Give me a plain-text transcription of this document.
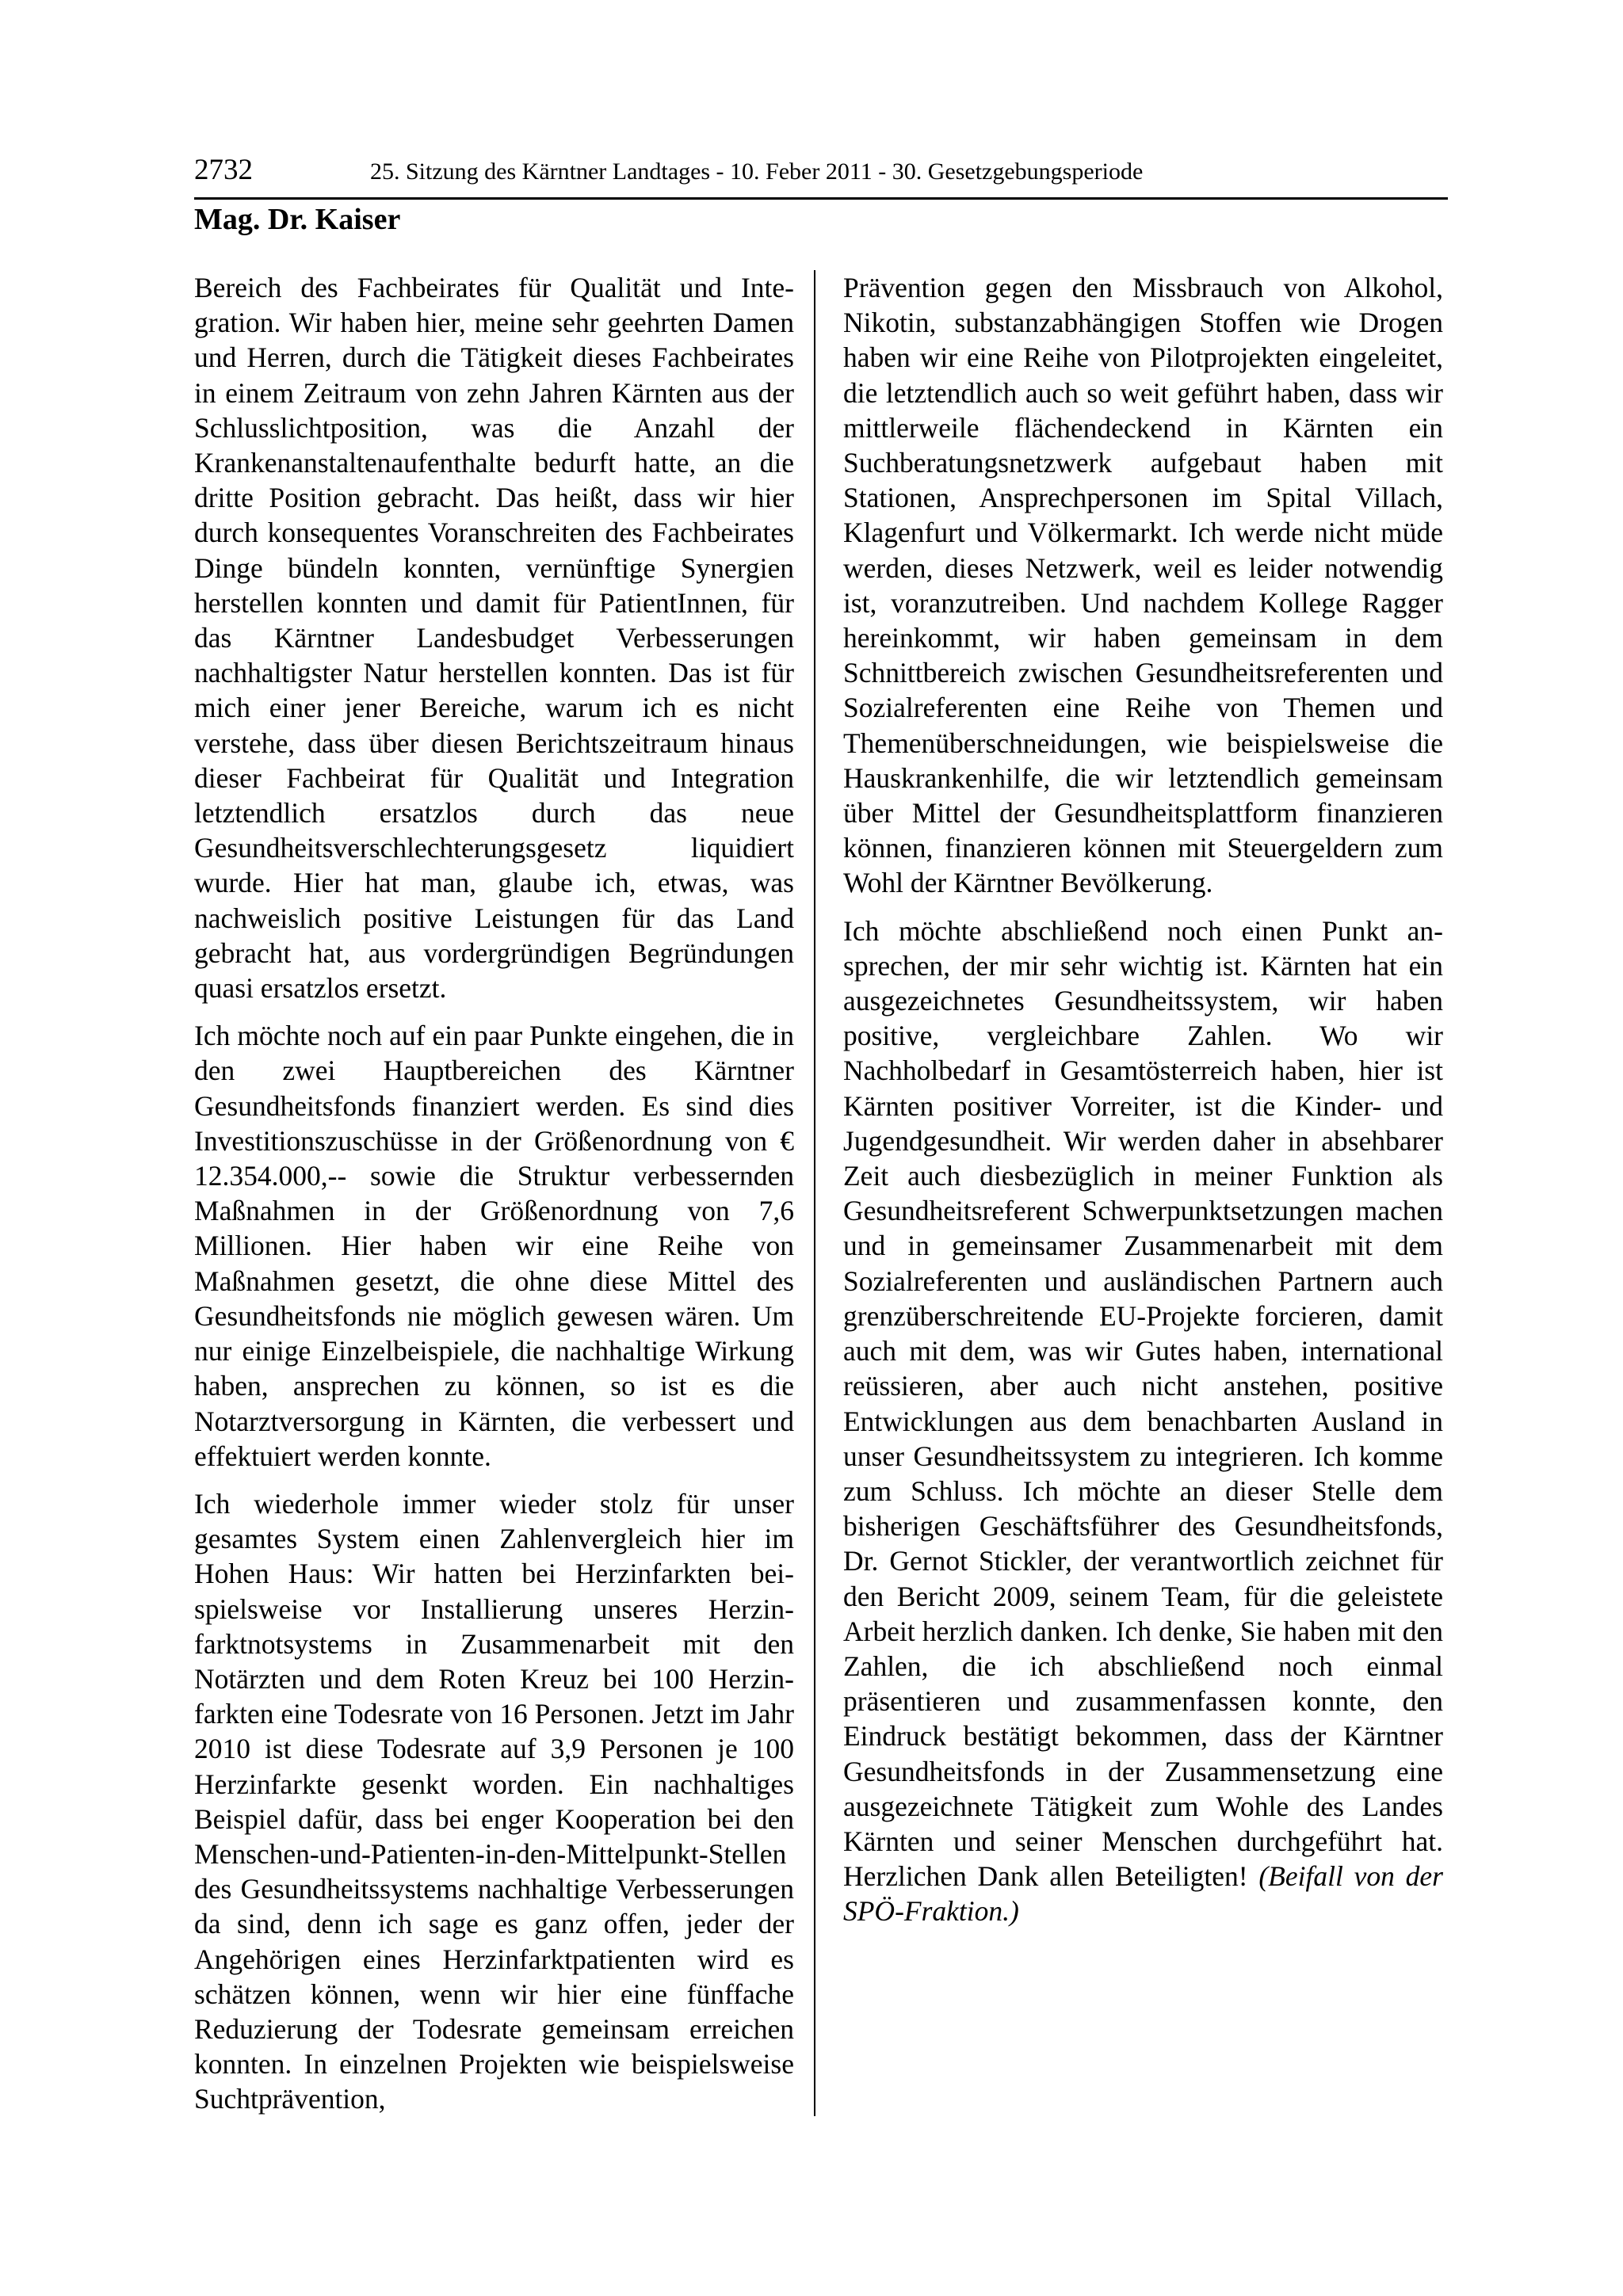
2732	25. Sitzung des Kärntner Landtages - 10. Feber 2011 - 30. Gesetzgebungsperiode
Mag. Dr. Kaiser

Bereich des Fachbeirates für Qualität und Integration. Wir haben hier, meine sehr geehrten Damen und Herren, durch die Tätigkeit dieses Fachbeirates in einem Zeitraum von zehn Jahren Kärnten aus der Schlusslichtposition, was die Anzahl der Krankenanstaltenaufenthalte bedurft hatte, an die dritte Position gebracht. Das heißt, dass wir hier durch konsequentes Voranschreiten des Fachbeirates Dinge bündeln konnten, vernünftige Synergien herstellen konnten und damit für PatientInnen, für das Kärntner Landesbudget Verbesserungen nachhaltigster Natur herstellen konnten. Das ist für mich einer jener Bereiche, warum ich es nicht verstehe, dass über diesen Berichtszeitraum hinaus dieser Fachbeirat für Qualität und Integration letztendlich ersatzlos durch das neue Gesundheitsverschlechterungsgesetz liquidiert wurde. Hier hat man, glaube ich, etwas, was nachweislich positive Leistungen für das Land gebracht hat, aus vordergründigen Begründungen quasi ersatzlos ersetzt.

Ich möchte noch auf ein paar Punkte eingehen, die in den zwei Hauptbereichen des Kärntner Gesundheitsfonds finanziert werden. Es sind dies Investitionszuschüsse in der Größenordnung von € 12.354.000,-- sowie die Struktur verbessernden Maßnahmen in der Größenordnung von 7,6 Millionen. Hier haben wir eine Reihe von Maßnahmen gesetzt, die ohne diese Mittel des Gesundheitsfonds nie möglich gewesen wären. Um nur einige Einzelbeispiele, die nachhaltige Wirkung haben, ansprechen zu können, so ist es die Notarztversorgung in Kärnten, die verbessert und effektuiert werden konnte.

Ich wiederhole immer wieder stolz für unser gesamtes System einen Zahlenvergleich hier im Hohen Haus: Wir hatten bei Herzinfarkten beispielsweise vor Installierung unseres Herzinfarktnotsystems in Zusammenarbeit mit den Notärzten und dem Roten Kreuz bei 100 Herzinfarkten eine Todesrate von 16 Personen. Jetzt im Jahr 2010 ist diese Todesrate auf 3,9 Personen je 100 Herzinfarkte gesenkt worden. Ein nachhaltiges Beispiel dafür, dass bei enger Kooperation bei den Menschen-und-Patienten-in-den-Mittelpunkt-Stellen des Gesundheitssystems nachhaltige Verbesserungen da sind, denn ich sage es ganz offen, jeder der Angehörigen eines Herzinfarktpatienten wird es schätzen können, wenn wir hier eine fünffache Reduzierung der Todesrate gemeinsam erreichen konnten. In einzelnen Projekten wie beispielsweise Suchtprävention,

Prävention gegen den Missbrauch von Alkohol, Nikotin, substanzabhängigen Stoffen wie Drogen haben wir eine Reihe von Pilotprojekten eingeleitet, die letztendlich auch so weit geführt haben, dass wir mittlerweile flächendeckend in Kärnten ein Suchberatungsnetzwerk aufgebaut haben mit Stationen, Ansprechpersonen im Spital Villach, Klagenfurt und Völkermarkt. Ich werde nicht müde werden, dieses Netzwerk, weil es leider notwendig ist, voranzutreiben. Und nachdem Kollege Ragger hereinkommt, wir haben gemeinsam in dem Schnittbereich zwischen Gesundheitsreferenten und Sozialreferenten eine Reihe von Themen und Themenüberschneidungen, wie beispielsweise die Hauskrankenhilfe, die wir letztendlich gemeinsam über Mittel der Gesundheitsplattform finanzieren können, finanzieren können mit Steuergeldern zum Wohl der Kärntner Bevölkerung.

Ich möchte abschließend noch einen Punkt ansprechen, der mir sehr wichtig ist. Kärnten hat ein ausgezeichnetes Gesundheitssystem, wir haben positive, vergleichbare Zahlen. Wo wir Nachholbedarf in Gesamtösterreich haben, hier ist Kärnten positiver Vorreiter, ist die Kinder- und Jugendgesundheit. Wir werden daher in absehbarer Zeit auch diesbezüglich in meiner Funktion als Gesundheitsreferent Schwerpunktsetzungen machen und in gemeinsamer Zusammenarbeit mit dem Sozialreferenten und ausländischen Partnern auch grenzüberschreitende EU-Projekte forcieren, damit auch mit dem, was wir Gutes haben, international reüssieren, aber auch nicht anstehen, positive Entwicklungen aus dem benachbarten Ausland in unser Gesundheitssystem zu integrieren. Ich komme zum Schluss. Ich möchte an dieser Stelle dem bisherigen Geschäftsführer des Gesundheitsfonds, Dr. Gernot Stickler, der verantwortlich zeichnet für den Bericht 2009, seinem Team, für die geleistete Arbeit herzlich danken. Ich denke, Sie haben mit den Zahlen, die ich abschließend noch einmal präsentieren und zusammenfassen konnte, den Eindruck bestätigt bekommen, dass der Kärntner Gesundheitsfonds in der Zusammensetzung eine ausgezeichnete Tätigkeit zum Wohle des Landes Kärnten und seiner Menschen durchgeführt hat. Herzlichen Dank allen Beteiligten! (Beifall von der SPÖ-Fraktion.)
